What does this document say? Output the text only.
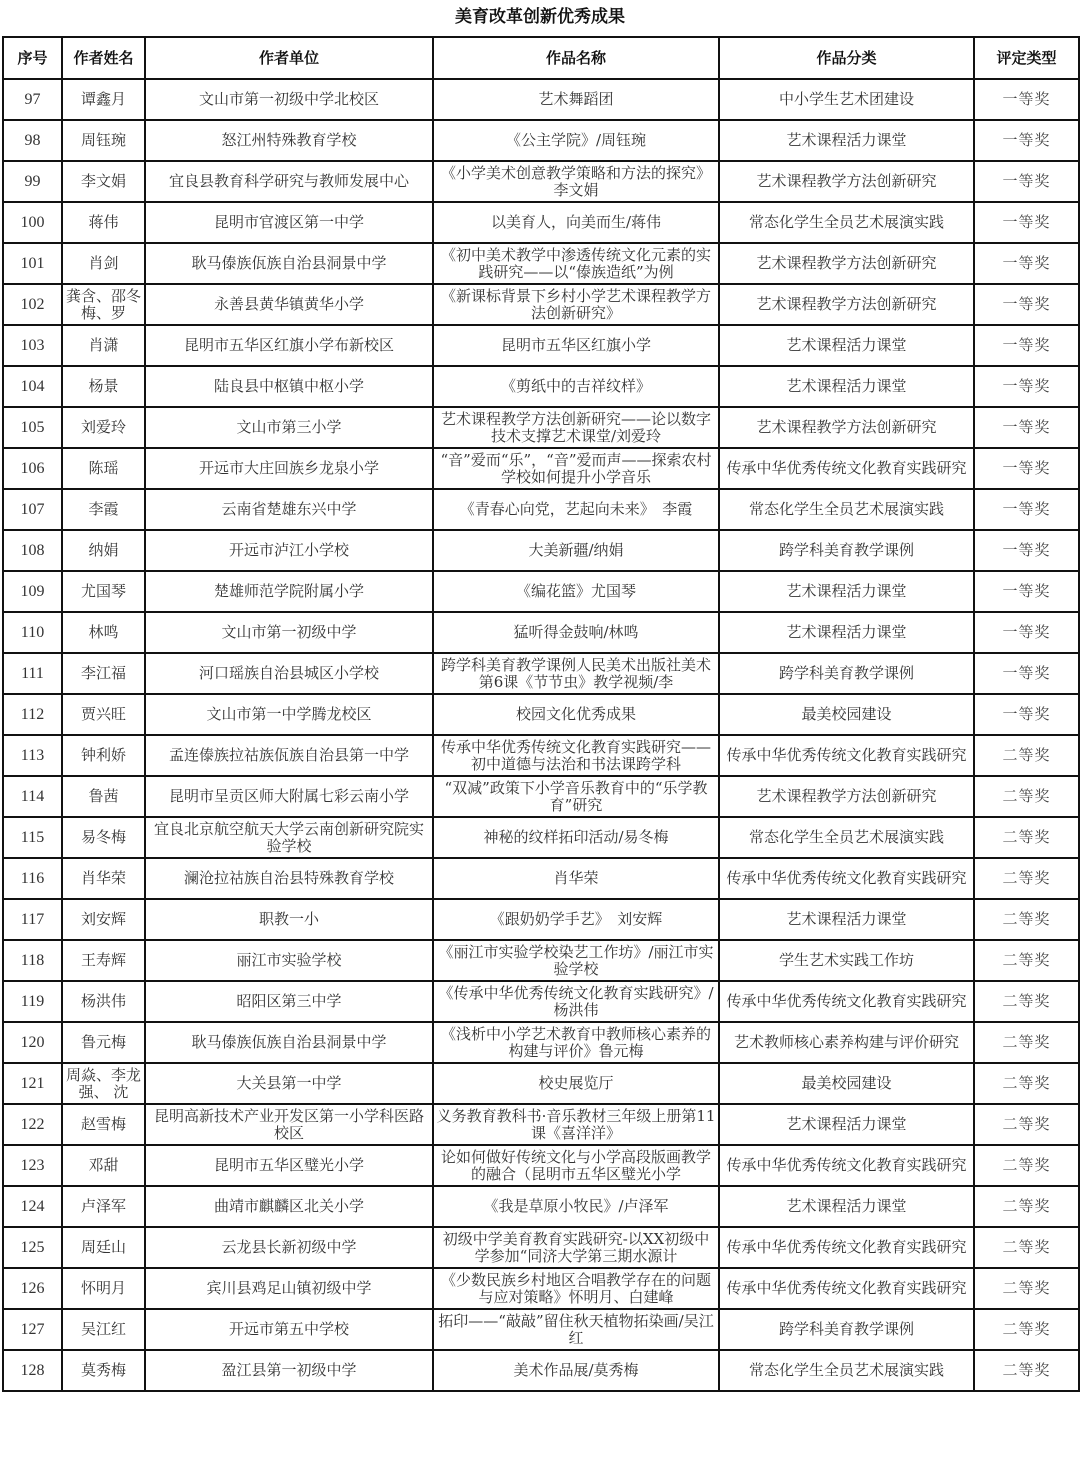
美育改革创新优秀成果
序号	作者姓名	作者单位	作品名称	作品分类	评定类型
97	谭鑫月	文山市第一初级中学北校区	艺术舞蹈团	中小学生艺术团建设	一等奖
98	周钰琬	怒江州特殊教育学校	《公主学院》/周钰琬	艺术课程活力课堂	一等奖
99	李文娟	宜良县教育科学研究与教师发展中心	《小学美术创意教学策略和方法的探究》李文娟	艺术课程教学方法创新研究	一等奖
100	蒋伟	昆明市官渡区第一中学	以美育人，向美而生/蒋伟	常态化学生全员艺术展演实践	一等奖
101	肖剑	耿马傣族佤族自治县洞景中学	《初中美术教学中渗透传统文化元素的实践研究——以“傣族造纸”为例	艺术课程教学方法创新研究	一等奖
102	龚含、邵冬梅、罗	永善县黄华镇黄华小学	《新课标背景下乡村小学艺术课程教学方法创新研究》	艺术课程教学方法创新研究	一等奖
103	肖潇	昆明市五华区红旗小学布新校区	昆明市五华区红旗小学	艺术课程活力课堂	一等奖
104	杨景	陆良县中枢镇中枢小学	《剪纸中的吉祥纹样》	艺术课程活力课堂	一等奖
105	刘爱玲	文山市第三小学	艺术课程教学方法创新研究——论以数字技术支撑艺术课堂/刘爱玲	艺术课程教学方法创新研究	一等奖
106	陈瑶	开远市大庄回族乡龙泉小学	“音”爱而“乐”，“音”爱而声——探索农村学校如何提升小学音乐	传承中华优秀传统文化教育实践研究	一等奖
107	李霞	云南省楚雄东兴中学	《青春心向党，艺起向未来》　李霞	常态化学生全员艺术展演实践	一等奖
108	纳娟	开远市泸江小学校	大美新疆/纳娟	跨学科美育教学课例	一等奖
109	尤国琴	楚雄师范学院附属小学	《编花篮》尤国琴	艺术课程活力课堂	一等奖
110	林鸣	文山市第一初级中学	猛听得金鼓响/林鸣	艺术课程活力课堂	一等奖
111	李江福	河口瑶族自治县城区小学校	跨学科美育教学课例人民美术出版社美术 第6课《节节虫》教学视频/李	跨学科美育教学课例	一等奖
112	贾兴旺	文山市第一中学腾龙校区	校园文化优秀成果	最美校园建设	一等奖
113	钟利娇	孟连傣族拉祜族佤族自治县第一中学	传承中华优秀传统文化教育实践研究——初中道德与法治和书法课跨学科	传承中华优秀传统文化教育实践研究	二等奖
114	鲁茜	昆明市呈贡区师大附属七彩云南小学	“双减”政策下小学音乐教育中的“乐学教育”研究	艺术课程教学方法创新研究	二等奖
115	易冬梅	宜良北京航空航天大学云南创新研究院实验学校	神秘的纹样拓印活动/易冬梅	常态化学生全员艺术展演实践	二等奖
116	肖华荣	澜沧拉祜族自治县特殊教育学校	肖华荣	传承中华优秀传统文化教育实践研究	二等奖
117	刘安辉	职教一小	《跟奶奶学手艺》　刘安辉	艺术课程活力课堂	二等奖
118	王寿辉	丽江市实验学校	《丽江市实验学校染艺工作坊》/丽江市实验学校	学生艺术实践工作坊	二等奖
119	杨洪伟	昭阳区第三中学	《传承中华优秀传统文化教育实践研究》/杨洪伟	传承中华优秀传统文化教育实践研究	二等奖
120	鲁元梅	耿马傣族佤族自治县洞景中学	《浅析中小学艺术教育中教师核心素养的构建与评价》鲁元梅	艺术教师核心素养构建与评价研究	二等奖
121	周焱、李龙强、 沈	大关县第一中学	校史展览厅	最美校园建设	二等奖
122	赵雪梅	昆明高新技术产业开发区第一小学科医路校区	义务教育教科书·音乐教材三年级上册第11课《喜洋洋》	艺术课程活力课堂	二等奖
123	邓甜	昆明市五华区璧光小学	论如何做好传统文化与小学高段版画教学的融合（昆明市五华区璧光小学	传承中华优秀传统文化教育实践研究	二等奖
124	卢泽军	曲靖市麒麟区北关小学	《我是草原小牧民》/卢泽军	艺术课程活力课堂	二等奖
125	周廷山	云龙县长新初级中学	初级中学美育教育实践研究-以XX初级中学参加“同济大学第三期水源计	传承中华优秀传统文化教育实践研究	二等奖
126	怀明月	宾川县鸡足山镇初级中学	《少数民族乡村地区合唱教学存在的问题与应对策略》怀明月、白建峰	传承中华优秀传统文化教育实践研究	二等奖
127	吴江红	开远市第五中学校	拓印——“敲敲”留住秋天植物拓染画/吴江红	跨学科美育教学课例	二等奖
128	莫秀梅	盈江县第一初级中学	美术作品展/莫秀梅	常态化学生全员艺术展演实践	二等奖
